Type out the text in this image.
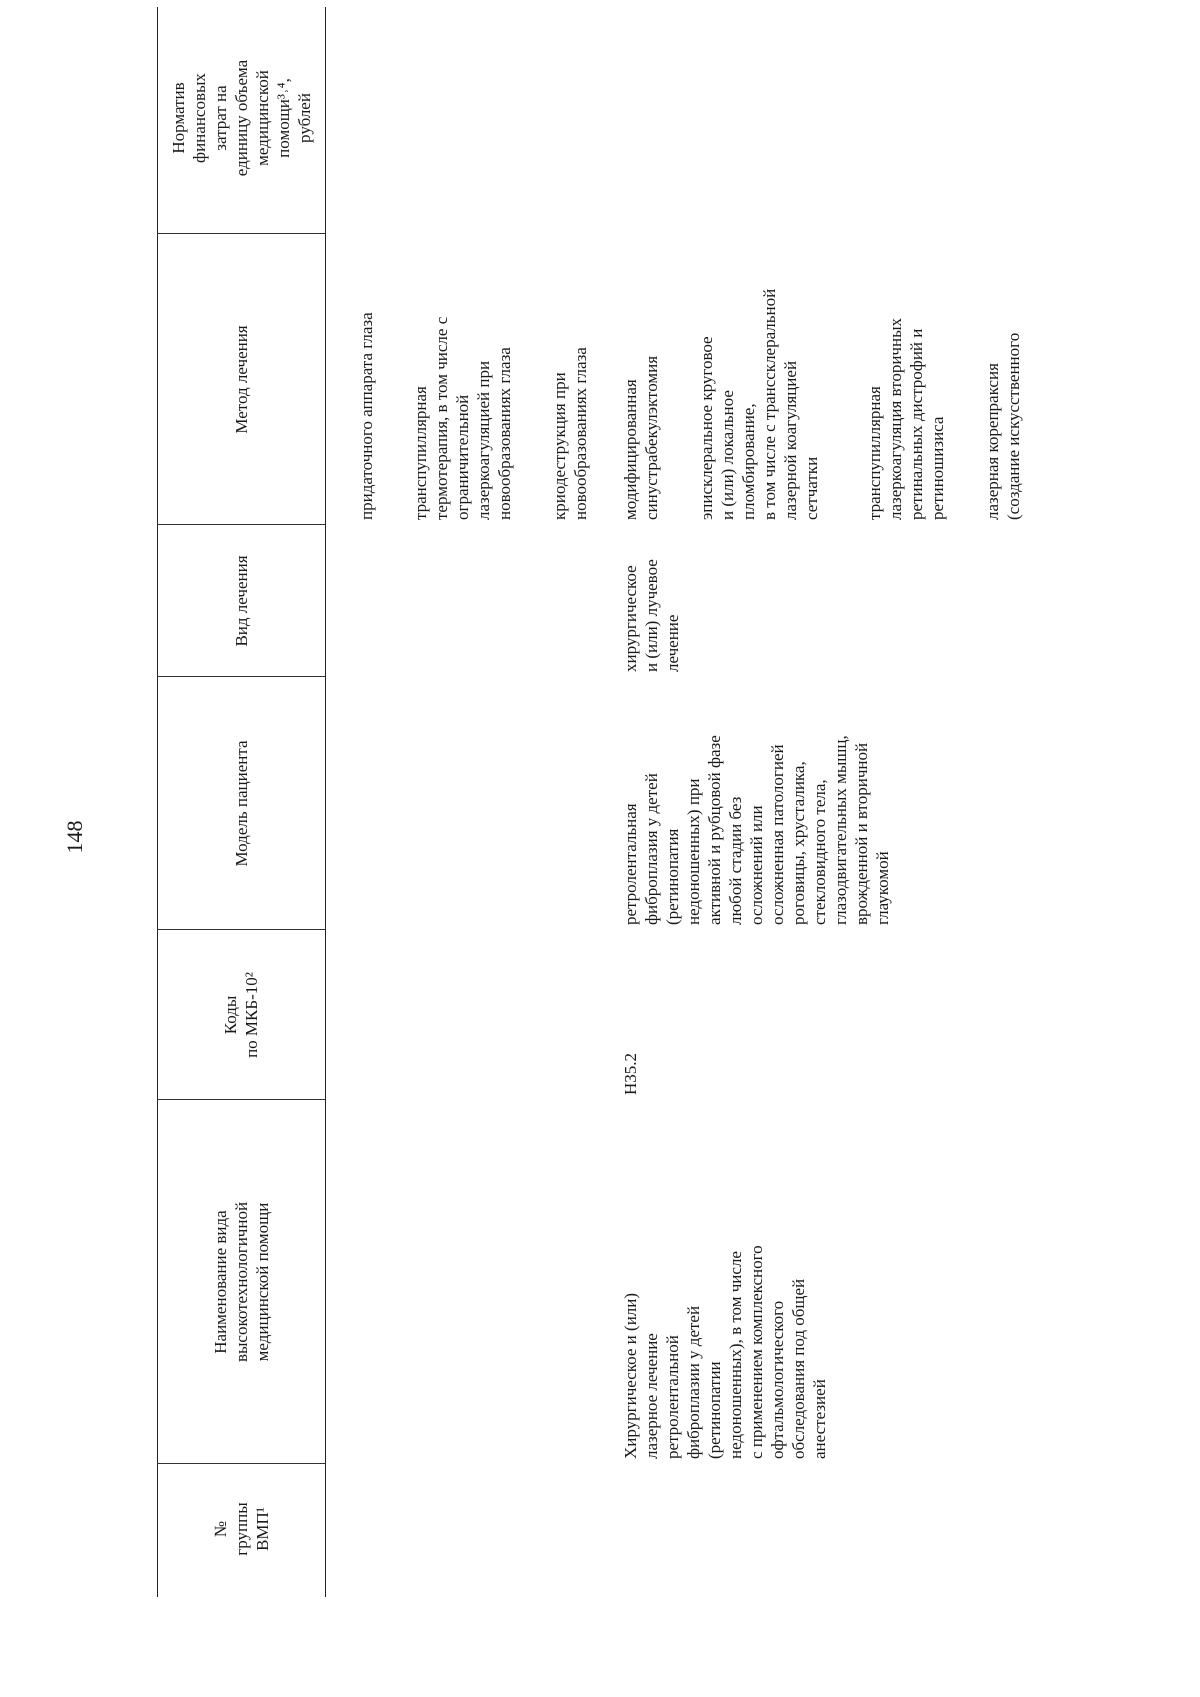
148
№
группы
ВМП¹
Наименование вида
высокотехнологичной
медицинской помощи
Коды
по МКБ-10²
Модель пациента
Вид лечения
Метод лечения
Норматив
финансовых
затрат на
единицу объема
медицинской
помощи³˒⁴,
рублей
Хирургическое и (или)
лазерное лечение
ретролентальной
фиброплазии у детей
(ретинопатии
недоношенных), в том числе
с применением комплексного
офтальмологического
обследования под общей
анестезией
H35.2
ретролентальная
фиброплазия у детей
(ретинопатия
недоношенных) при
активной и рубцовой фазе
любой стадии без
осложнений или
осложненная патологией
роговицы, хрусталика,
стекловидного тела,
глазодвигательных мышц,
врожденной и вторичной
глаукомой
хирургическое
и (или) лучевое
лечение
придаточного аппарата глаза транспупиллярная
термотерапия, в том числе с
ограничительной
лазеркоагуляцией при
новообразованиях глаза
криодеструкция при
новообразованиях глаза
модифицированная
синустрабекулэктомия эписклеральное круговое
и (или) локальное
пломбирование,
в том числе с транссклеральной
лазерной коагуляцией
сетчатки	транспупиллярная
лазеркоагуляция вторичных
ретинальных дистрофий и
ретиношизиса лазерная корепраксия
(создание искусственного
